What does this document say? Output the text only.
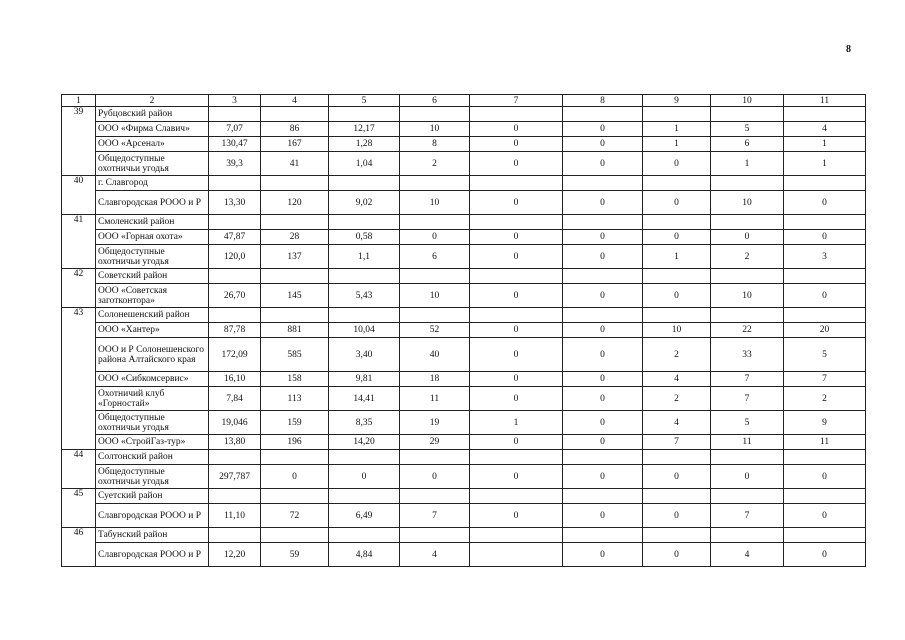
8
1	2	3	4	5	6	7	8	9	10	11
39	Рубцовский район									
	ООО «Фирма Славич»	7,07	86	12,17	10	0	0	1	5	4
	ООО «Арсенал»	130,47	167	1,28	8	0	0	1	6	1
	Общедоступные охотничьи угодья	39,3	41	1,04	2	0	0	0	1	1
40	г. Славгород									
	Славгородская РООО и Р	13,30	120	9,02	10	0	0	0	10	0
41	Смоленский район									
	ООО «Горная охота»	47,87	28	0,58	0	0	0	0	0	0
	Общедоступные охотничьи угодья	120,0	137	1,1	6	0	0	1	2	3
42	Советский район									
	ООО «Советская заготконтора»	26,70	145	5,43	10	0	0	0	10	0
43	Солонешенский район									
	ООО «Хантер»	87,78	881	10,04	52	0	0	10	22	20
	ООО и Р Солонешенского района Алтайского края	172,09	585	3,40	40	0	0	2	33	5
	ООО «Сибкомсервис»	16,10	158	9,81	18	0	0	4	7	7
	Охотничий клуб «Горностай»	7,84	113	14,41	11	0	0	2	7	2
	Общедоступные охотничьи угодья	19,046	159	8,35	19	1	0	4	5	9
	ООО «СтройГаз-тур»	13,80	196	14,20	29	0	0	7	11	11
44	Солтонский район									
	Общедоступные охотничьи угодья	297,787	0	0	0	0	0	0	0	0
45	Суетский район									
	Славгородская РООО и Р	11,10	72	6,49	7	0	0	0	7	0
46	Табунский район									
	Славгородская РООО и Р	12,20	59	4,84	4		0	0	4	0
